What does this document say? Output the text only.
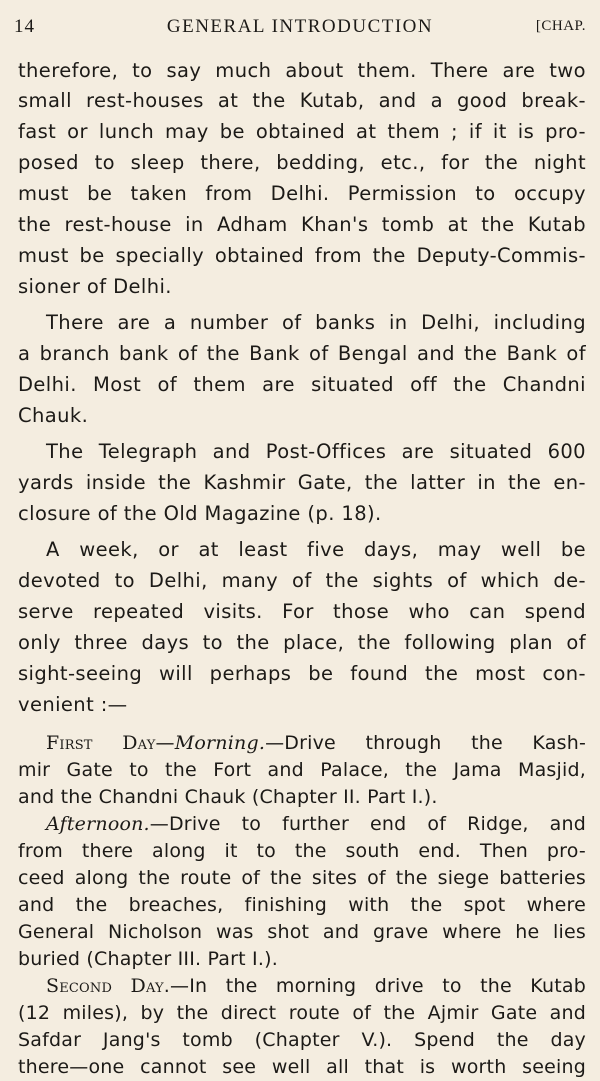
14	GENERAL INTRODUCTION	[CHAP.
therefore, to say much about them. There are two
small rest-houses at the Kutab, and a good break-
fast or lunch may be obtained at them ; if it is pro-
posed to sleep there, bedding, etc., for the night
must be taken from Delhi. Permission to occupy
the rest-house in Adham Khan's tomb at the Kutab
must be specially obtained from the Deputy-Commis-
sioner of Delhi.
There are a number of banks in Delhi, including
a branch bank of the Bank of Bengal and the Bank of
Delhi. Most of them are situated off the Chandni
Chauk.
The Telegraph and Post-Offices are situated 600
yards inside the Kashmir Gate, the latter in the en-
closure of the Old Magazine (p. 18).
A week, or at least five days, may well be
devoted to Delhi, many of the sights of which de-
serve repeated visits. For those who can spend
only three days to the place, the following plan of
sight-seeing will perhaps be found the most con-
venient :—
First Day—Morning.—Drive through the Kash-
mir Gate to the Fort and Palace, the Jama Masjid,
and the Chandni Chauk (Chapter II. Part I.).
Afternoon.—Drive to further end of Ridge, and
from there along it to the south end. Then pro-
ceed along the route of the sites of the siege batteries
and the breaches, finishing with the spot where
General Nicholson was shot and grave where he lies
buried (Chapter III. Part I.).
Second Day.—In the morning drive to the Kutab
(12 miles), by the direct route of the Ajmir Gate and
Safdar Jang's tomb (Chapter V.). Spend the day
there—one cannot see well all that is worth seeing
